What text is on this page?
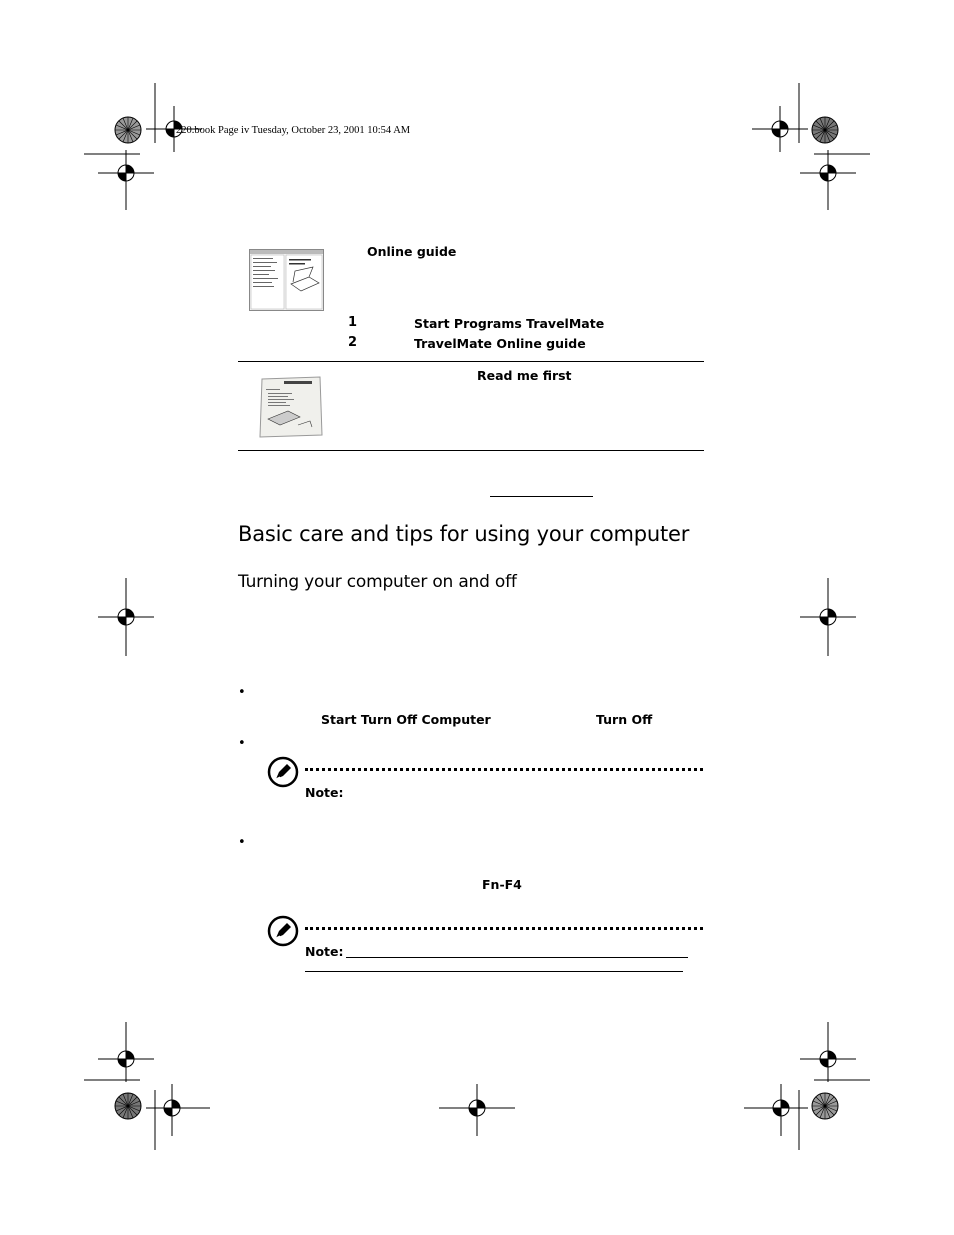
220.book Page iv Tuesday, October 23, 2001 10:54 AM
Online guide
1	Start Programs TravelMate
2	TravelMate Online guide
Read me first
Basic care and tips for using your computer
Turning your computer on and off
•
Start Turn Off Computer	Turn Off
•
Note:
•
Fn-F4
Note:
